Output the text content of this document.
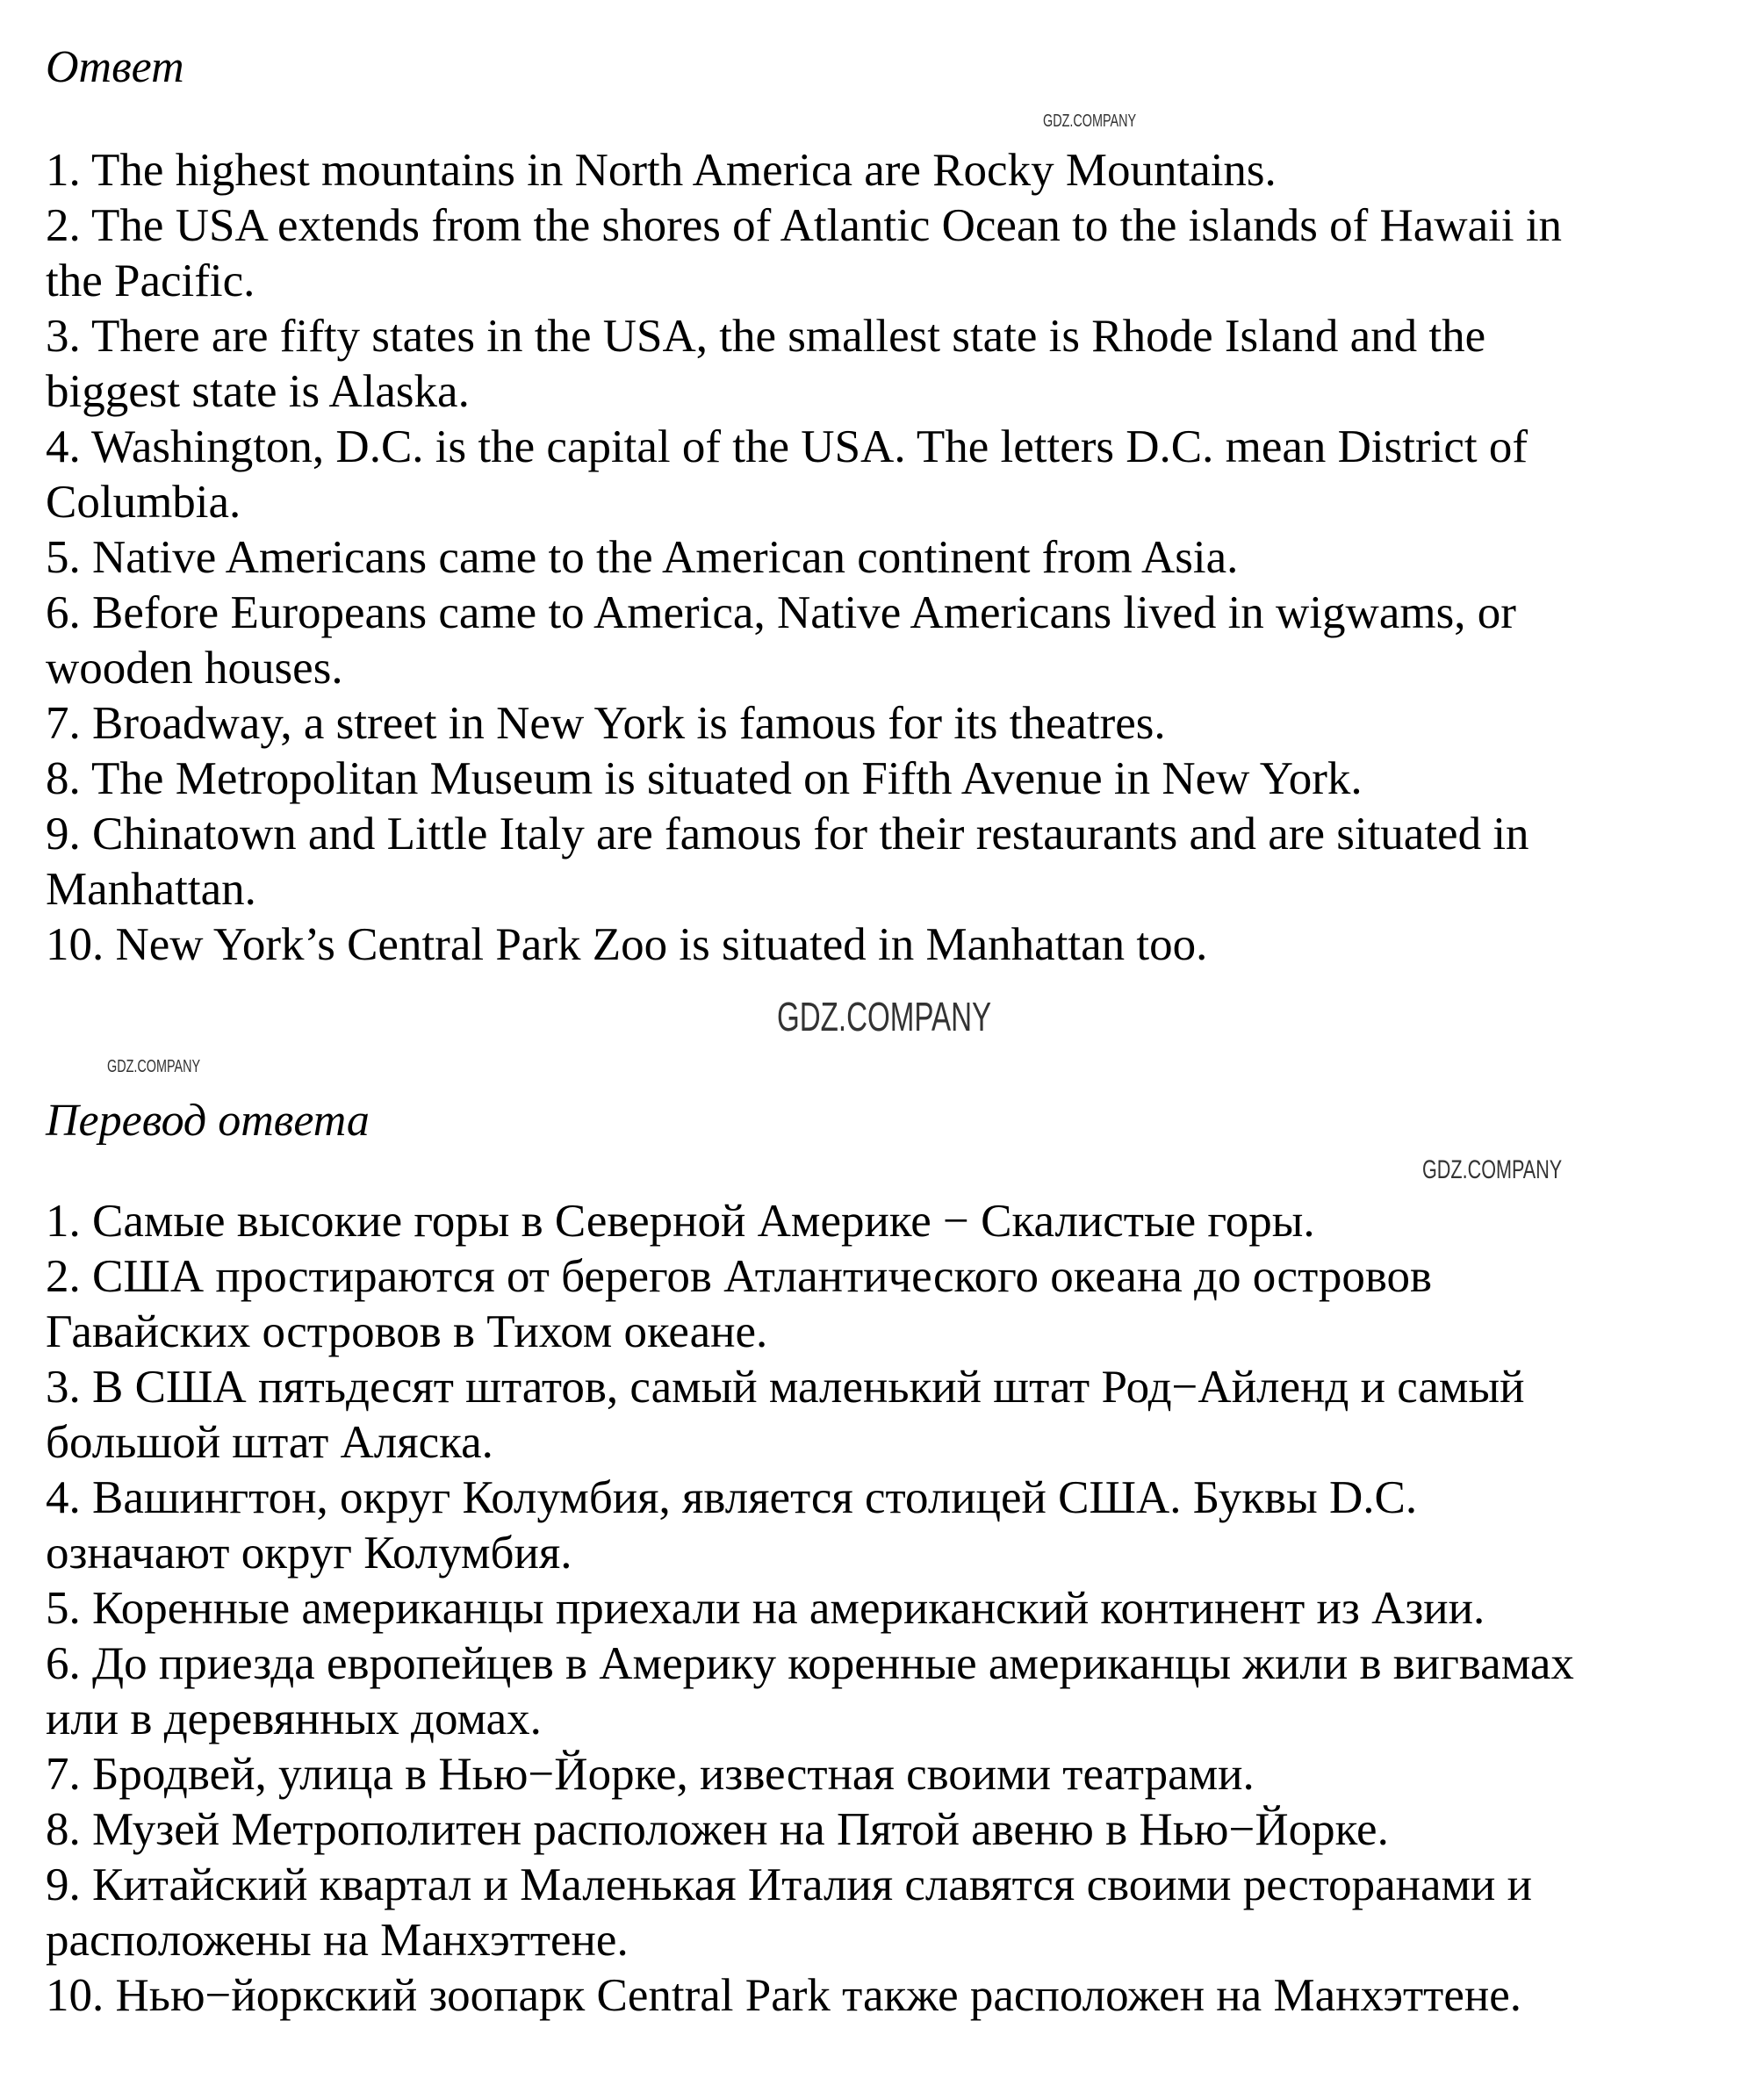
Ответ
1. The highest mountains in North America are Rocky Mountains.
2. The USA extends from the shores of Atlantic Ocean to the islands of Hawaii in
the Pacific.
3. There are fifty states in the USA, the smallest state is Rhode Island and the
biggest state is Alaska.
4. Washington, D.C. is the capital of the USA. The letters D.C. mean District of
Columbia.
5. Native Americans came to the American continent from Asia.
6. Before Europeans came to America, Native Americans lived in wigwams, or
wooden houses.
7. Broadway, a street in New York is famous for its theatres.
8. The Metropolitan Museum is situated on Fifth Avenue in New York.
9. Chinatown and Little Italy are famous for their restaurants and are situated in
Manhattan.
10. New York’s Central Park Zoo is situated in Manhattan too.
Перевод ответа
1. Самые высокие горы в Северной Америке − Скалистые горы.
2. США простираются от берегов Атлантического океана до островов
Гавайских островов в Тихом океане.
3. В США пятьдесят штатов, самый маленький штат Род−Айленд и самый
большой штат Аляска.
4. Вашингтон, округ Колумбия, является столицей США. Буквы D.C.
означают округ Колумбия.
5. Коренные американцы приехали на американский континент из Азии.
6. До приезда европейцев в Америку коренные американцы жили в вигвамах
или в деревянных домах.
7. Бродвей, улица в Нью−Йорке, известная своими театрами.
8. Музей Метрополитен расположен на Пятой авеню в Нью−Йорке.
9. Китайский квартал и Маленькая Италия славятся своими ресторанами и
расположены на Манхэттене.
10. Нью−йоркский зоопарк Central Park также расположен на Манхэттене.
GDZ.COMPANY
GDZ.COMPANY
GDZ.COMPANY
GDZ.COMPANY
